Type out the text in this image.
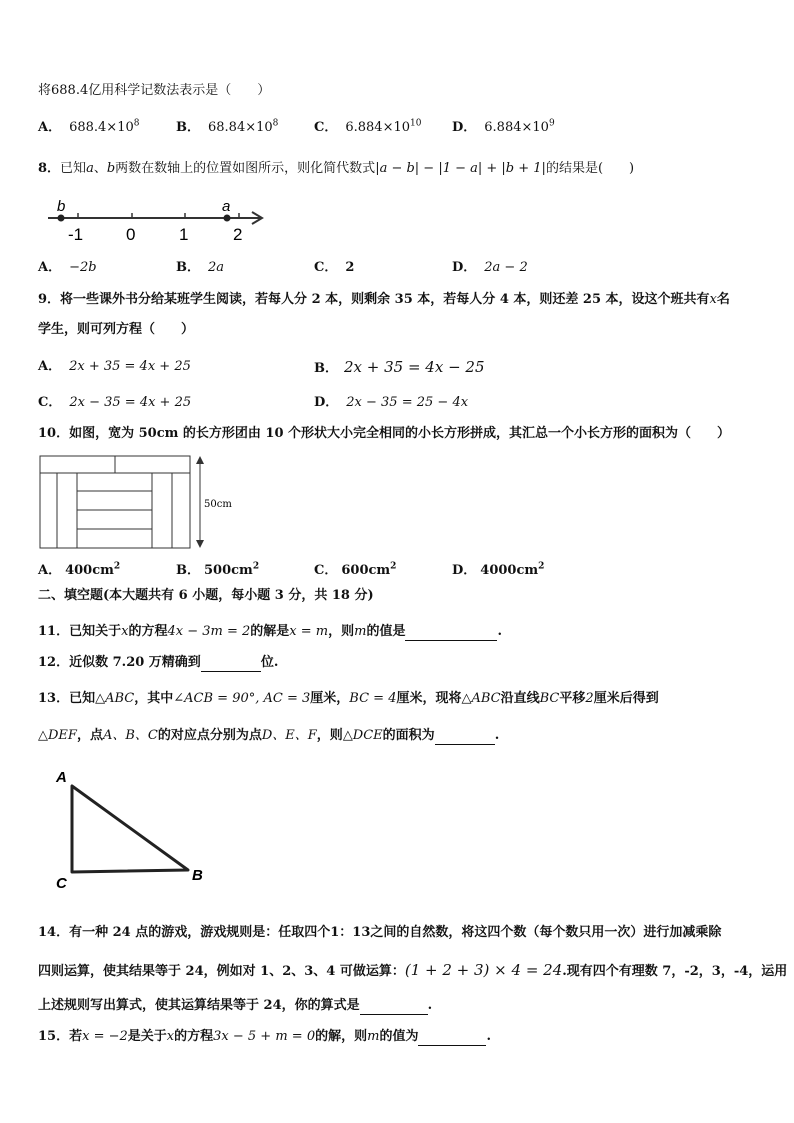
将688.4亿用科学记数法表示是（　　）
A． $688.4\times 10^8$	B． $68.84\times 10^8$	C． $6.884\times 10^{10}$ D． $6.884\times 10^9$
8．已知a、b两数在数轴上的位置如图所示，则化简代数式|a − b| − |1 − a| + |b + 1|的结果是(　　)
b	a
-1	0	1	2
A． −2b	B． 2a	C． 2	D． 2a − 2
9．将一些课外书分给某班学生阅读，若每人分 2 本，则剩余 35 本，若每人分 4 本，则还差 25 本，设这个班共有x名
学生，则可列方程（　　）
A． 2x + 35 = 4x + 25	B． 2x + 35 = 4x − 25
C． 2x − 35 = 4x + 25	D． 2x − 35 = 25 − 4x
10．如图，宽为 50cm 的长方形团由 10 个形状大小完全相同的小长方形拼成，其汇总一个小长方形的面积为（　　）
50cm
A． $400cm^2$	B． $500cm^2$	C． $600cm^2$	D． $4000cm^2$
二、填空题(本大题共有 6 小题，每小题 3 分，共 18 分)
11．已知关于x的方程4x − 3m = 2的解是x = m，则m的值是	.
12．近似数 7.20 万精确到	位.
13．已知△ABC，其中∠ACB = 90°, AC = 3厘米，BC = 4厘米，现将△ABC沿直线BC平移2厘米后得到
△DEF，点A、B、C的对应点分别为点D、E、F，则△DCE的面积为	.
A
C	B
14．有一种 24 点的游戏，游戏规则是：任取四个1：13之间的自然数，将这四个数（每个数只用一次）进行加减乘除
四则运算，使其结果等于 24，例如对 1、2、3、4 可做运算：(1 + 2 + 3) × 4 = 24.现有四个有理数 7，-2，3，-4，运用
上述规则写出算式，使其运算结果等于 24，你的算式是	.
15．若x = −2是关于x的方程3x − 5 + m = 0的解，则m的值为	.
